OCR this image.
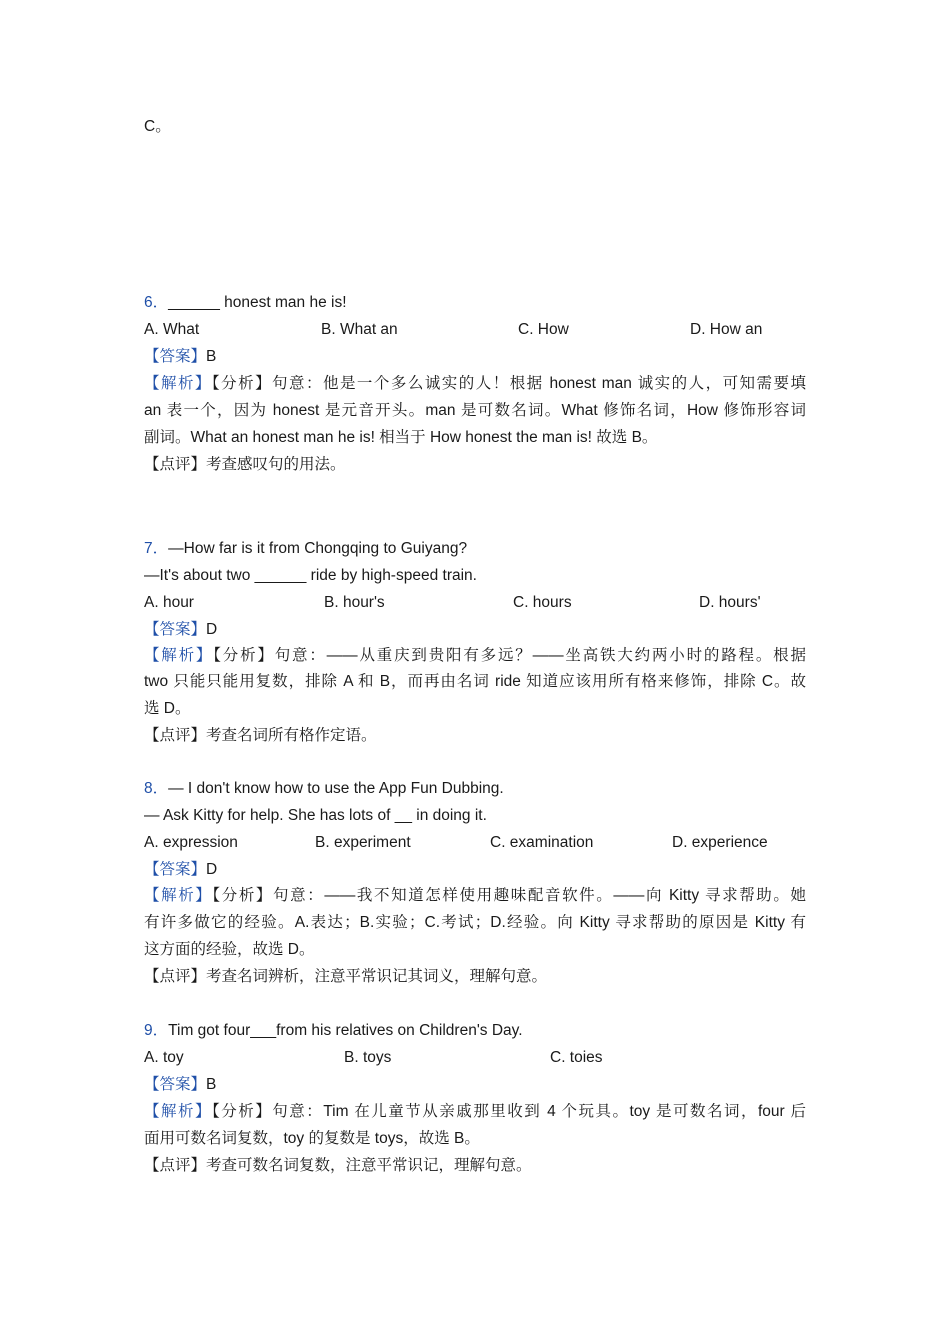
C。
6．______ honest man he is!
A. What	B. What an	C. How	D. How an
【答案】B
【解析】【分析】句意：他是一个多么诚实的人！根据 honest man 诚实的人，可知需要填
an 表一个，因为 honest 是元音开头。man 是可数名词。What 修饰名词，How 修饰形容词
副词。What an honest man he is! 相当于 How honest the man is! 故选 B。
【点评】考查感叹句的用法。
7．—How far is it from Chongqing to Guiyang?
—It's about two ______ ride by high-speed train.
A. hour	B. hour's	C. hours	D. hours'
【答案】D
【解析】【分析】句意：——从重庆到贵阳有多远？——坐高铁大约两小时的路程。根据
two 只能只能用复数，排除 A 和 B，而再由名词 ride 知道应该用所有格来修饰，排除 C。故
选 D。
【点评】考查名词所有格作定语。
8．— I don't know how to use the App Fun Dubbing.
— Ask Kitty for help. She has lots of __ in doing it.
A. expression	B. experiment	C. examination	D. experience
【答案】D
【解析】【分析】句意：——我不知道怎样使用趣味配音软件。——向 Kitty 寻求帮助。她
有许多做它的经验。A.表达；B.实验；C.考试；D.经验。向 Kitty 寻求帮助的原因是 Kitty 有
这方面的经验，故选 D。
【点评】考查名词辨析，注意平常识记其词义，理解句意。
9．Tim got four___from his relatives on Children's Day.
A. toy	B. toys	C. toies
【答案】B
【解析】【分析】句意：Tim 在儿童节从亲戚那里收到 4 个玩具。toy 是可数名词，four 后
面用可数名词复数，toy 的复数是 toys，故选 B。
【点评】考查可数名词复数，注意平常识记，理解句意。
